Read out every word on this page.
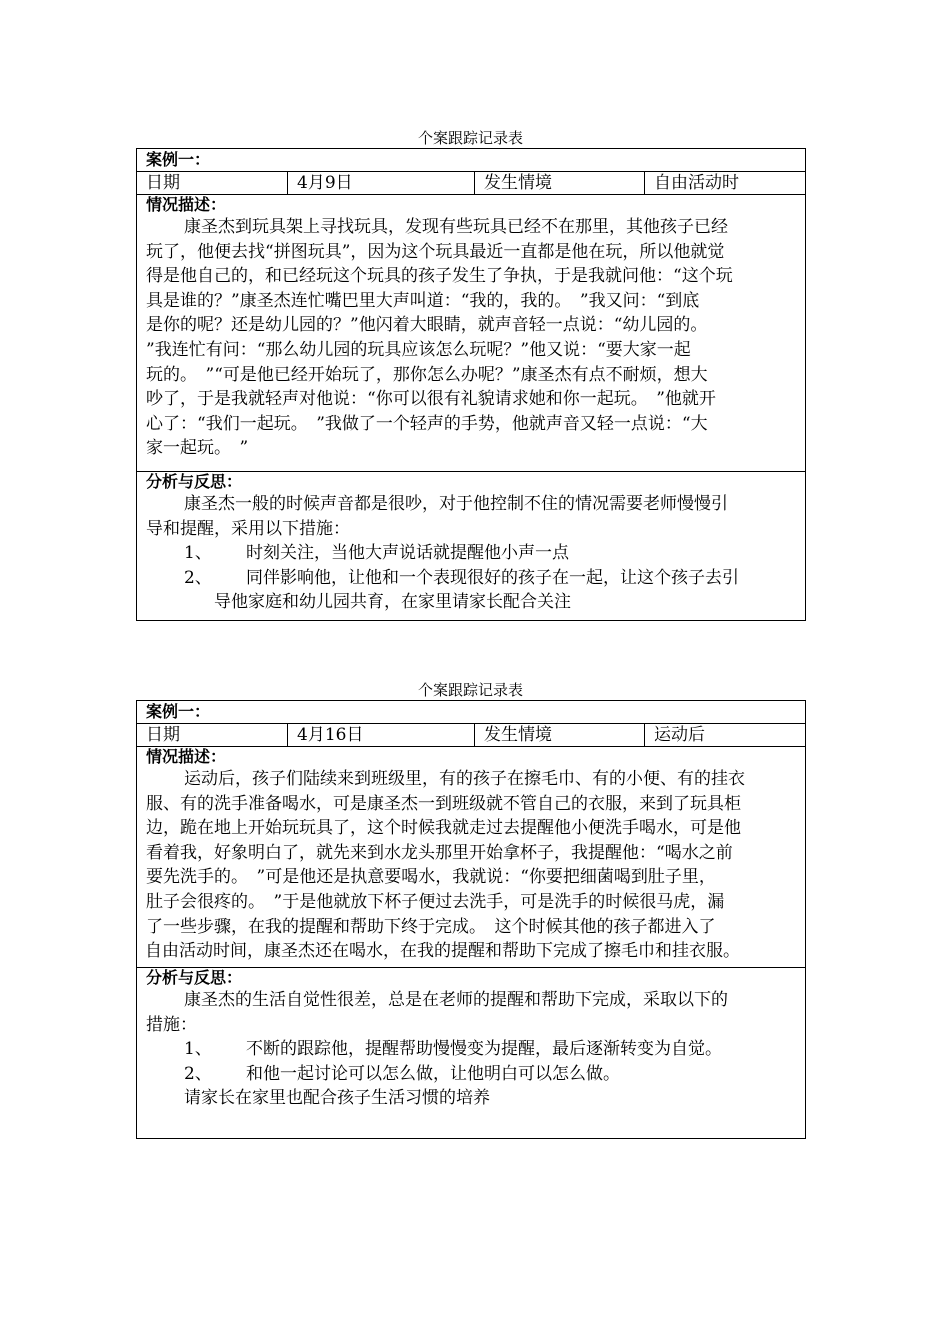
个案跟踪记录表
案例一：
日期	4月9日	发生情境	自由活动时

情况描述：
康圣杰到玩具架上寻找玩具，发现有些玩具已经不在那里，其他孩子已经
玩了，他便去找“拼图玩具”，因为这个玩具最近一直都是他在玩，所以他就觉
得是他自己的，和已经玩这个玩具的孩子发生了争执，于是我就问他：“这个玩
具是谁的？”康圣杰连忙嘴巴里大声叫道：“我的，我的。　”我又问：“到底
是你的呢？还是幼儿园的？”他闪着大眼睛，就声音轻一点说：“幼儿园的。
”我连忙有问：“那么幼儿园的玩具应该怎么玩呢？”他又说：“要大家一起
玩的。　”“可是他已经开始玩了，那你怎么办呢？”康圣杰有点不耐烦，想大
吵了，于是我就轻声对他说：“你可以很有礼貌请求她和你一起玩。　”他就开
心了：“我们一起玩。　”我做了一个轻声的手势，他就声音又轻一点说：“大
家一起玩。　”

分析与反思：
康圣杰一般的时候声音都是很吵，对于他控制不住的情况需要老师慢慢引
导和提醒，采用以下措施：
1、 时刻关注，当他大声说话就提醒他小声一点
2、 同伴影响他，让他和一个表现很好的孩子在一起，让这个孩子去引
导他家庭和幼儿园共育，在家里请家长配合关注
个案跟踪记录表
案例一：
日期	4月16日	发生情境	运动后

情况描述：
运动后，孩子们陆续来到班级里，有的孩子在擦毛巾、有的小便、有的挂衣
服、有的洗手准备喝水，可是康圣杰一到班级就不管自己的衣服，来到了玩具柜
边，跪在地上开始玩玩具了，这个时候我就走过去提醒他小便洗手喝水，可是他
看着我，好象明白了，就先来到水龙头那里开始拿杯子，我提醒他：“喝水之前
要先洗手的。　”可是他还是执意要喝水，我就说：“你要把细菌喝到肚子里，
肚子会很疼的。　”于是他就放下杯子便过去洗手，可是洗手的时候很马虎，漏
了一些步骤，在我的提醒和帮助下终于完成。　这个时候其他的孩子都进入了
自由活动时间，康圣杰还在喝水，在我的提醒和帮助下完成了擦毛巾和挂衣服。

分析与反思：
康圣杰的生活自觉性很差，总是在老师的提醒和帮助下完成，采取以下的
措施：
1、 不断的跟踪他，提醒帮助慢慢变为提醒，最后逐渐转变为自觉。
2、 和他一起讨论可以怎么做，让他明白可以怎么做。
请家长在家里也配合孩子生活习惯的培养
